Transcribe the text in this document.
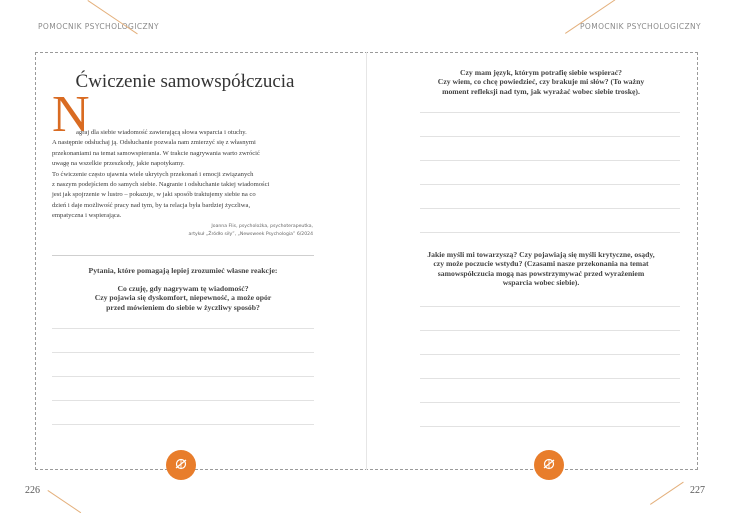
POMOCNIK PSYCHOLOGICZNY	POMOCNIK PSYCHOLOGICZNY
Ćwiczenie samowspółczucia
N
agraj dla siebie wiadomość zawierającą słowa wsparcia i otuchy.
A następnie odsłuchaj ją. Odsłuchanie pozwala nam zmierzyć się z własnymi
przekonaniami na temat samowspierania. W trakcie nagrywania warto zwrócić
uwagę na wszelkie przeszkody, jakie napotykamy.
To ćwiczenie często ujawnia wiele ukrytych przekonań i emocji związanych
z naszym podejściem do samych siebie. Nagranie i odsłuchanie takiej wiadomości
jest jak spojrzenie w lustro – pokazuje, w jaki sposób traktujemy siebie na co
dzień i daje możliwość pracy nad tym, by ta relacja była bardziej życzliwa,
empatyczna i wspierająca.
Joanna Flis, psycholożka, psychoterapeutka,
artykuł „Źródło siły”, „Newsweek Psychologia” 6/2024
Pytania, które pomagają lepiej zrozumieć własne reakcje:
Co czuję, gdy nagrywam tę wiadomość?
Czy pojawia się dyskomfort, niepewność, a może opór
przed mówieniem do siebie w życzliwy sposób?
Czy mam język, którym potrafię siebie wspierać?
Czy wiem, co chcę powiedzieć, czy brakuje mi słów? (To ważny
moment refleksji nad tym, jak wyrażać wobec siebie troskę).
Jakie myśli mi towarzyszą? Czy pojawiają się myśli krytyczne, osądy,
czy może poczucie wstydu? (Czasami nasze przekonania na temat
samowspółczucia mogą nas powstrzymywać przed wyrażeniem
wsparcia wobec siebie).
226	227
